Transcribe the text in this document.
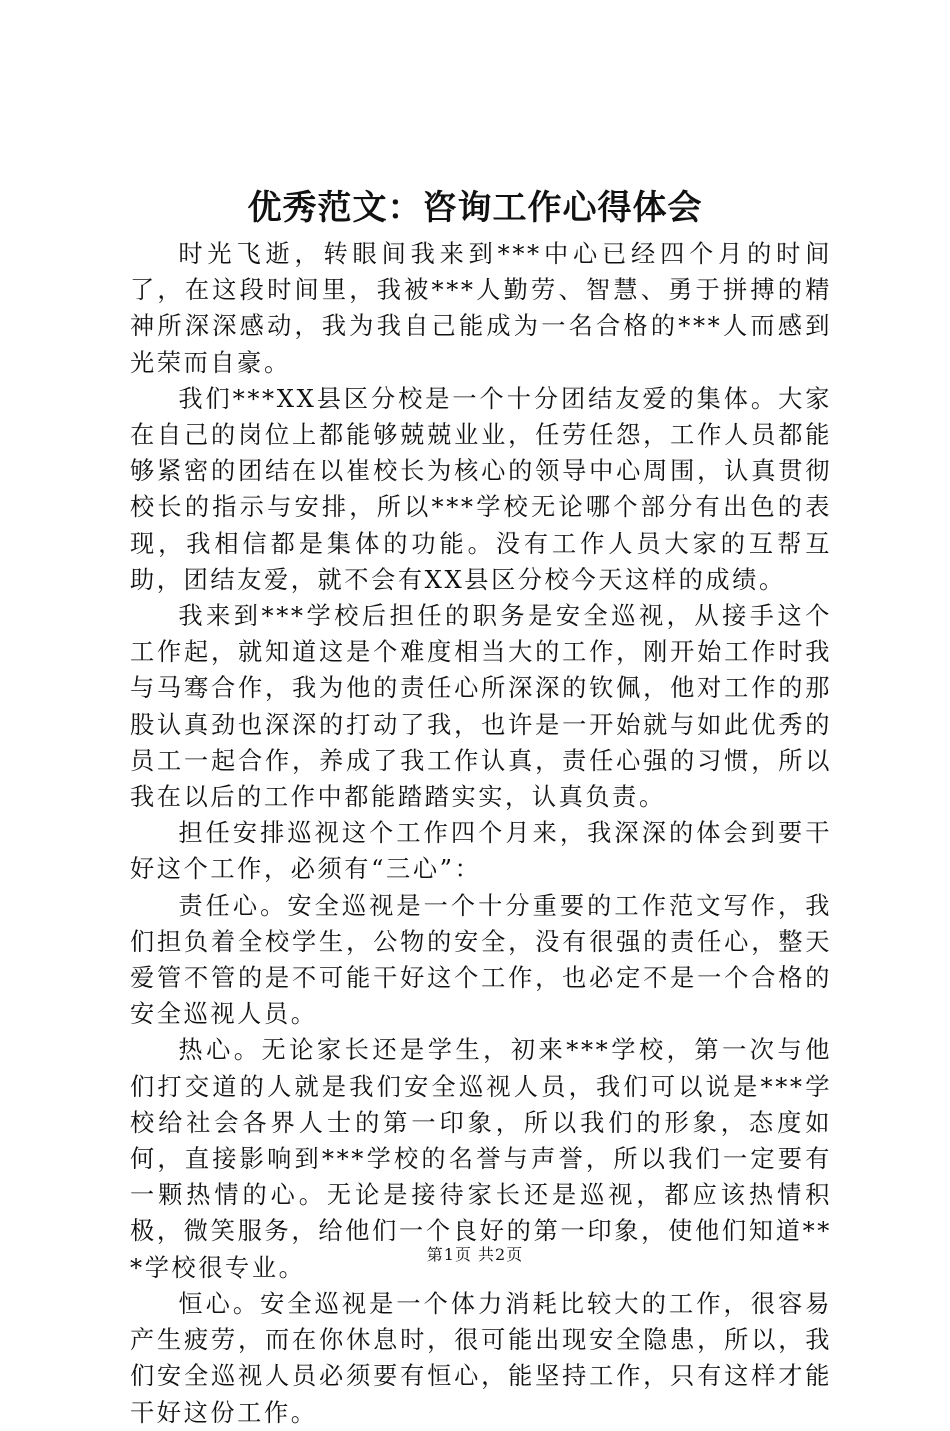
优秀范文：咨询工作心得体会

时光飞逝，转眼间我来到***中心已经四个月的时间了，在这段时间里，我被***人勤劳、智慧、勇于拼搏的精神所深深感动，我为我自己能成为一名合格的***人而感到光荣而自豪。

我们***XX县区分校是一个十分团结友爱的集体。大家在自己的岗位上都能够兢兢业业，任劳任怨，工作人员都能够紧密的团结在以崔校长为核心的领导中心周围，认真贯彻校长的指示与安排，所以***学校无论哪个部分有出色的表现，我相信都是集体的功能。没有工作人员大家的互帮互助，团结友爱，就不会有XX县区分校今天这样的成绩。

我来到***学校后担任的职务是安全巡视，从接手这个工作起，就知道这是个难度相当大的工作，刚开始工作时我与马骞合作，我为他的责任心所深深的钦佩，他对工作的那股认真劲也深深的打动了我，也许是一开始就与如此优秀的员工一起合作，养成了我工作认真，责任心强的习惯，所以我在以后的工作中都能踏踏实实，认真负责。

担任安排巡视这个工作四个月来，我深深的体会到要干好这个工作，必须有“三心”：

责任心。安全巡视是一个十分重要的工作范文写作，我们担负着全校学生，公物的安全，没有很强的责任心，整天爱管不管的是不可能干好这个工作，也必定不是一个合格的安全巡视人员。

热心。无论家长还是学生，初来***学校，第一次与他们打交道的人就是我们安全巡视人员，我们可以说是***学校给社会各界人士的第一印象，所以我们的形象，态度如何，直接影响到***学校的名誉与声誉，所以我们一定要有一颗热情的心。无论是接待家长还是巡视，都应该热情积极，微笑服务，给他们一个良好的第一印象，使他们知道***学校很专业。

恒心。安全巡视是一个体力消耗比较大的工作，很容易产生疲劳，而在你休息时，很可能出现安全隐患，所以，我们安全巡视人员必须要有恒心，能坚持工作，只有这样才能干好这份工作。

第1页 共2页
